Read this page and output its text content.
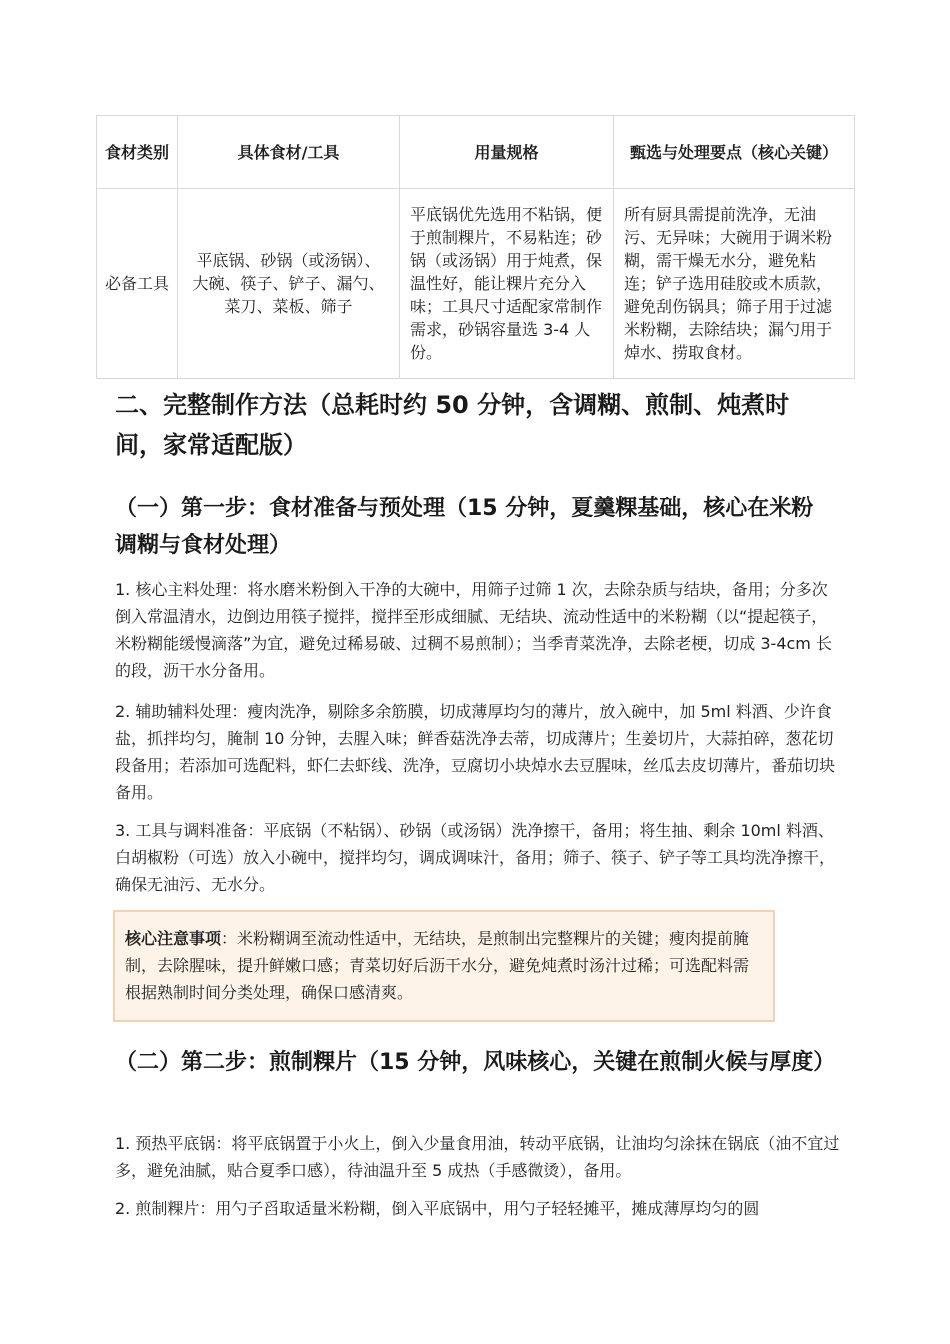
食材类别	具体食材/工具	用量规格	甄选与处理要点（核心关键）
必备工具	平底锅、砂锅（或汤锅）、大碗、筷子、铲子、漏勺、菜刀、菜板、筛子	平底锅优先选用不粘锅，便于煎制粿片，不易粘连；砂锅（或汤锅）用于炖煮，保温性好，能让粿片充分入味；工具尺寸适配家常制作需求，砂锅容量选 3-4 人份。	所有厨具需提前洗净，无油污、无异味；大碗用于调米粉糊，需干燥无水分，避免粘连；铲子选用硅胶或木质款，避免刮伤锅具；筛子用于过滤米粉糊，去除结块；漏勺用于焯水、捞取食材。
二、完整制作方法（总耗时约 50 分钟，含调糊、煎制、炖煮时间，家常适配版）
（一）第一步：食材准备与预处理（15 分钟，夏羹粿基础，核心在米粉调糊与食材处理）

1. 核心主料处理：将水磨米粉倒入干净的大碗中，用筛子过筛 1 次，去除杂质与结块，备用；分多次倒入常温清水，边倒边用筷子搅拌，搅拌至形成细腻、无结块、流动性适中的米粉糊（以“提起筷子，米粉糊能缓慢滴落”为宜，避免过稀易破、过稠不易煎制）；当季青菜洗净，去除老梗，切成 3-4cm 长的段，沥干水分备用。

2. 辅助辅料处理：瘦肉洗净，剔除多余筋膜，切成薄厚均匀的薄片，放入碗中，加 5ml 料酒、少许食盐，抓拌均匀，腌制 10 分钟，去腥入味；鲜香菇洗净去蒂，切成薄片；生姜切片，大蒜拍碎，葱花切段备用；若添加可选配料，虾仁去虾线、洗净，豆腐切小块焯水去豆腥味，丝瓜去皮切薄片，番茄切块备用。

3. 工具与调料准备：平底锅（不粘锅）、砂锅（或汤锅）洗净擦干，备用；将生抽、剩余 10ml 料酒、白胡椒粉（可选）放入小碗中，搅拌均匀，调成调味汁，备用；筛子、筷子、铲子等工具均洗净擦干，确保无油污、无水分。

核心注意事项：米粉糊调至流动性适中，无结块，是煎制出完整粿片的关键；瘦肉提前腌制，去除腥味，提升鲜嫩口感；青菜切好后沥干水分，避免炖煮时汤汁过稀；可选配料需根据熟制时间分类处理，确保口感清爽。
（二）第二步：煎制粿片（15 分钟，风味核心，关键在煎制火候与厚度）

1. 预热平底锅：将平底锅置于小火上，倒入少量食用油，转动平底锅，让油均匀涂抹在锅底（油不宜过多，避免油腻，贴合夏季口感），待油温升至 5 成热（手感微烫），备用。

2. 煎制粿片：用勺子舀取适量米粉糊，倒入平底锅中，用勺子轻轻摊平，摊成薄厚均匀的圆
